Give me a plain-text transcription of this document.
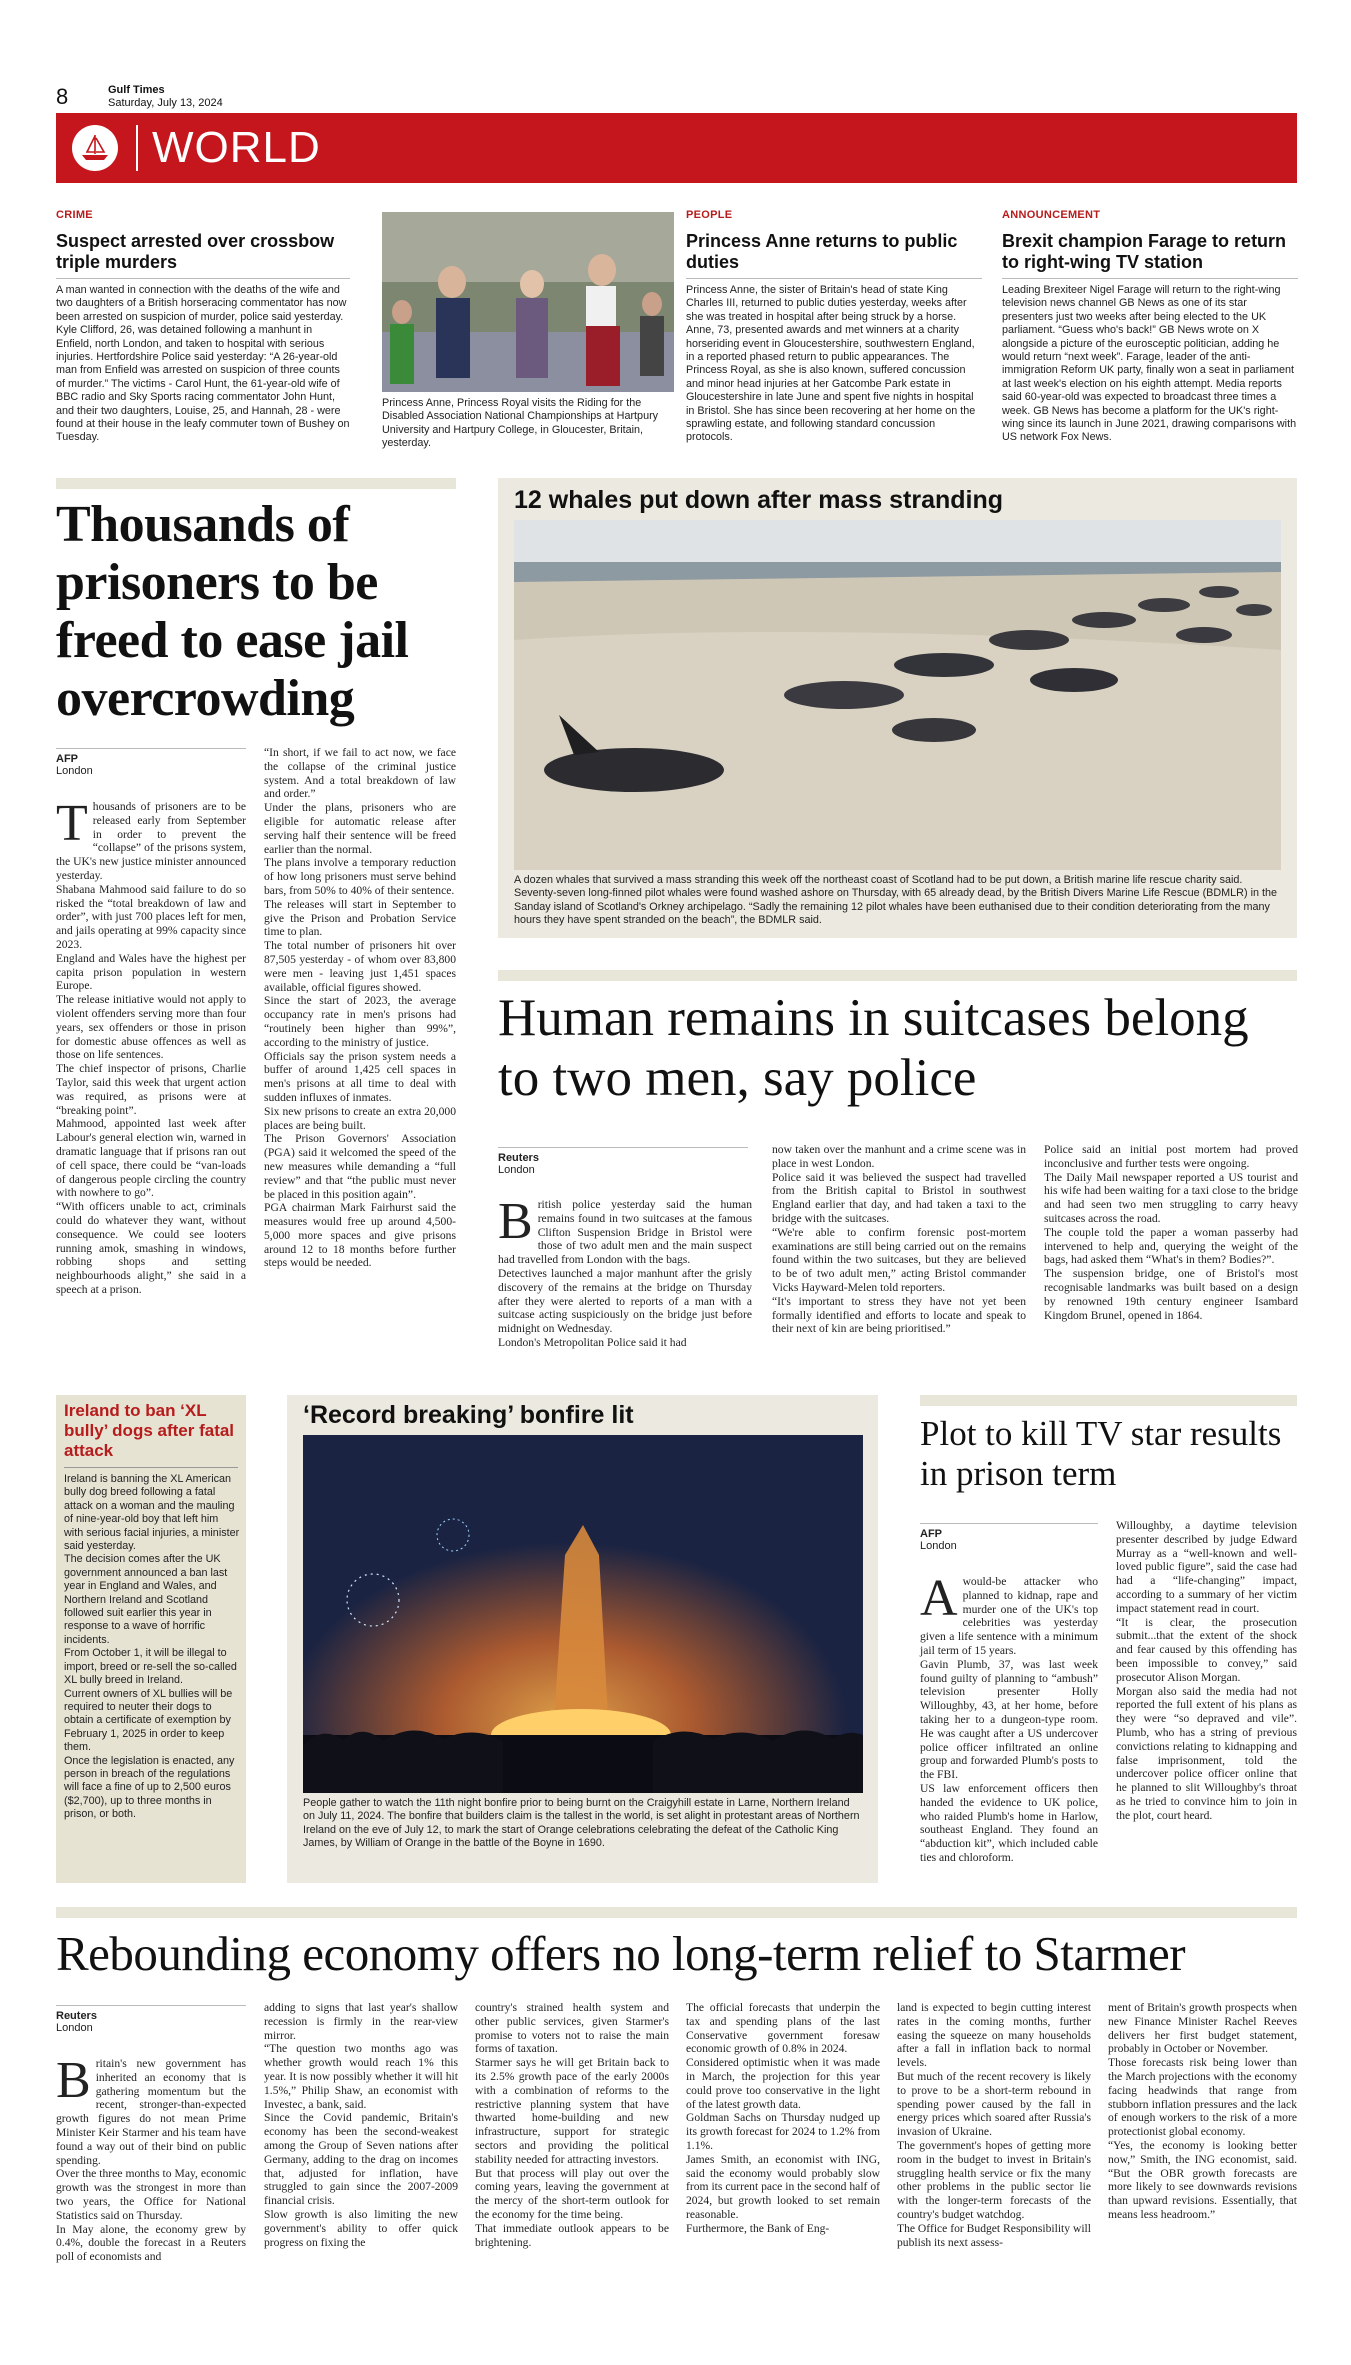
8	Gulf Times
Saturday, July 13, 2024
WORLD
CRIME
Suspect arrested over crossbow triple murders
A man wanted in connection with the deaths of the wife and two daughters of a British horseracing commentator has now been arrested on suspicion of murder, police said yesterday. Kyle Clifford, 26, was detained following a manhunt in Enfield, north London, and taken to hospital with serious injuries. Hertfordshire Police said yesterday: “A 26-year-old man from Enfield was arrested on suspicion of three counts of murder.” The victims - Carol Hunt, the 61-year-old wife of BBC radio and Sky Sports racing commentator John Hunt, and their two daughters, Louise, 25, and Hannah, 28 - were found at their house in the leafy commuter town of Bushey on Tuesday.
Princess Anne, Princess Royal visits the Riding for the Disabled Association National Championships at Hartpury University and Hartpury College, in Gloucester, Britain, yesterday.
PEOPLE
Princess Anne returns to public duties
Princess Anne, the sister of Britain's head of state King Charles III, returned to public duties yesterday, weeks after she was treated in hospital after being struck by a horse. Anne, 73, presented awards and met winners at a charity horseriding event in Gloucestershire, southwestern England, in a reported phased return to public appearances. The Princess Royal, as she is also known, suffered concussion and minor head injuries at her Gatcombe Park estate in Gloucestershire in late June and spent five nights in hospital in Bristol. She has since been recovering at her home on the sprawling estate, and following standard concussion protocols.
ANNOUNCEMENT
Brexit champion Farage to return to right-wing TV station
Leading Brexiteer Nigel Farage will return to the right-wing television news channel GB News as one of its star presenters just two weeks after being elected to the UK parliament. “Guess who's back!” GB News wrote on X alongside a picture of the eurosceptic politician, adding he would return “next week”. Farage, leader of the anti-immigration Reform UK party, finally won a seat in parliament at last week's election on his eighth attempt. Media reports said 60-year-old was expected to broadcast three times a week. GB News has become a platform for the UK's right-wing since its launch in June 2021, drawing comparisons with US network Fox News.
Thousands of prisoners to be freed to ease jail overcrowding
AFP
London
T housands of prisoners are to be released early from September in order to prevent the “collapse” of the prisons system, the UK's new justice minister announced yesterday.

Shabana Mahmood said failure to do so risked the “total breakdown of law and order”, with just 700 places left for men, and jails operating at 99% capacity since 2023.

England and Wales have the highest per capita prison population in western Europe.

The release initiative would not apply to violent offenders serving more than four years, sex offenders or those in prison for domestic abuse offences as well as those on life sentences.

The chief inspector of prisons, Charlie Taylor, said this week that urgent action was required, as prisons were at “breaking point”.

Mahmood, appointed last week after Labour's general election win, warned in dramatic language that if prisons ran out of cell space, there could be “van-loads of dangerous people circling the country with nowhere to go”.

“With officers unable to act, criminals could do whatever they want, without consequence. We could see looters running amok, smashing in windows, robbing shops and setting neighbourhoods alight,” she said in a speech at a prison.

“In short, if we fail to act now, we face the collapse of the criminal justice system. And a total breakdown of law and order.”

Under the plans, prisoners who are eligible for automatic release after serving half their sentence will be freed earlier than the normal.

The plans involve a temporary reduction of how long prisoners must serve behind bars, from 50% to 40% of their sentence.

The releases will start in September to give the Prison and Probation Service time to plan.

The total number of prisoners hit over 87,505 yesterday - of whom over 83,800 were men - leaving just 1,451 spaces available, official figures showed.

Since the start of 2023, the average occupancy rate in men's prisons had “routinely been higher than 99%”, according to the ministry of justice.

Officials say the prison system needs a buffer of around 1,425 cell spaces in men's prisons at all time to deal with sudden influxes of inmates.

Six new prisons to create an extra 20,000 places are being built.

The Prison Governors' Association (PGA) said it welcomed the speed of the new measures while demanding a “full review” and that “the public must never be placed in this position again”.

PGA chairman Mark Fairhurst said the measures would free up around 4,500-5,000 more spaces and give prisons around 12 to 18 months before further steps would be needed.

12 whales put down after mass stranding
A dozen whales that survived a mass stranding this week off the northeast coast of Scotland had to be put down, a British marine life rescue charity said. Seventy-seven long-finned pilot whales were found washed ashore on Thursday, with 65 already dead, by the British Divers Marine Life Rescue (BDMLR) in the Sanday island of Scotland's Orkney archipelago. “Sadly the remaining 12 pilot whales have been euthanised due to their condition deteriorating from the many hours they have spent stranded on the beach”, the BDMLR said.
Human remains in suitcases belong to two men, say police
Reuters
London
B ritish police yesterday said the human remains found in two suitcases at the famous Clifton Suspension Bridge in Bristol were those of two adult men and the main suspect had travelled from London with the bags.

Detectives launched a major manhunt after the grisly discovery of the remains at the bridge on Thursday after they were alerted to reports of a man with a suitcase acting suspiciously on the bridge just before midnight on Wednesday.

London's Metropolitan Police said it had

now taken over the manhunt and a crime scene was in place in west London.

Police said it was believed the suspect had travelled from the British capital to Bristol in southwest England earlier that day, and had taken a taxi to the bridge with the suitcases.

“We're able to confirm forensic post-mortem examinations are still being carried out on the remains found within the two suitcases, but they are believed to be of two adult men,” acting Bristol commander Vicks Hayward-Melen told reporters.

“It's important to stress they have not yet been formally identified and efforts to locate and speak to their next of kin are being prioritised.”

Police said an initial post mortem had proved inconclusive and further tests were ongoing.

The Daily Mail newspaper reported a US tourist and his wife had been waiting for a taxi close to the bridge and had seen two men struggling to carry heavy suitcases across the road.

The couple told the paper a woman passerby had intervened to help and, querying the weight of the bags, had asked them “What's in them? Bodies?”.

The suspension bridge, one of Bristol's most recognisable landmarks was built based on a design by renowned 19th century engineer Isambard Kingdom Brunel, opened in 1864.

Ireland to ban ‘XL bully’ dogs after fatal attack

Ireland is banning the XL American bully dog breed following a fatal attack on a woman and the mauling of nine-year-old boy that left him with serious facial injuries, a minister said yesterday.

The decision comes after the UK government announced a ban last year in England and Wales, and Northern Ireland and Scotland followed suit earlier this year in response to a wave of horrific incidents.

From October 1, it will be illegal to import, breed or re-sell the so-called XL bully breed in Ireland.

Current owners of XL bullies will be required to neuter their dogs to obtain a certificate of exemption by February 1, 2025 in order to keep them.

Once the legislation is enacted, any person in breach of the regulations will face a fine of up to 2,500 euros ($2,700), up to three months in prison, or both.

‘Record breaking’ bonfire lit
People gather to watch the 11th night bonfire prior to being burnt on the Craigyhill estate in Larne, Northern Ireland on July 11, 2024. The bonfire that builders claim is the tallest in the world, is set alight in protestant areas of Northern Ireland on the eve of July 12, to mark the start of Orange celebrations celebrating the defeat of the Catholic King James, by William of Orange in the battle of the Boyne in 1690.
Plot to kill TV star results in prison term
AFP
London
A would-be attacker who planned to kidnap, rape and murder one of the UK's top celebrities was yesterday given a life sentence with a minimum jail term of 15 years.

Gavin Plumb, 37, was last week found guilty of planning to “ambush” television presenter Holly Willoughby, 43, at her home, before taking her to a dungeon-type room. He was caught after a US undercover police officer infiltrated an online group and forwarded Plumb's posts to the FBI.

US law enforcement officers then handed the evidence to UK police, who raided Plumb's home in Harlow, southeast England. They found an “abduction kit”, which included cable ties and chloroform.

Willoughby, a daytime television presenter described by judge Edward Murray as a “well-known and well-loved public figure”, said the case had had a “life-changing” impact, according to a summary of her victim impact statement read in court.

“It is clear, the prosecution submit...that the extent of the shock and fear caused by this offending has been impossible to convey,” said prosecutor Alison Morgan.

Morgan also said the media had not reported the full extent of his plans as they were “so depraved and vile”. Plumb, who has a string of previous convictions relating to kidnapping and false imprisonment, told the undercover police officer online that he planned to slit Willoughby's throat as he tried to convince him to join in the plot, court heard.

Rebounding economy offers no long-term relief to Starmer
Reuters
London
B ritain's new government has inherited an economy that is gathering momentum but the recent, stronger-than-expected growth figures do not mean Prime Minister Keir Starmer and his team have found a way out of their bind on public spending.

Over the three months to May, economic growth was the strongest in more than two years, the Office for National Statistics said on Thursday.

In May alone, the economy grew by 0.4%, double the forecast in a Reuters poll of economists and

adding to signs that last year's shallow recession is firmly in the rear-view mirror.

“The question two months ago was whether growth would reach 1% this year. It is now possibly whether it will hit 1.5%,” Philip Shaw, an economist with Investec, a bank, said.

Since the Covid pandemic, Britain's economy has been the second-weakest among the Group of Seven nations after Germany, adding to the drag on incomes that, adjusted for inflation, have struggled to gain since the 2007-2009 financial crisis.

Slow growth is also limiting the new government's ability to offer quick progress on fixing the

country's strained health system and other public services, given Starmer's promise to voters not to raise the main forms of taxation.

Starmer says he will get Britain back to its 2.5% growth pace of the early 2000s with a combination of reforms to the restrictive planning system that have thwarted home-building and new infrastructure, support for strategic sectors and providing the political stability needed for attracting investors.

But that process will play out over the coming years, leaving the government at the mercy of the short-term outlook for the economy for the time being.

That immediate outlook appears to be brightening.

The official forecasts that underpin the tax and spending plans of the last Conservative government foresaw economic growth of 0.8% in 2024.

Considered optimistic when it was made in March, the projection for this year could prove too conservative in the light of the latest growth data.

Goldman Sachs on Thursday nudged up its growth forecast for 2024 to 1.2% from 1.1%.

James Smith, an economist with ING, said the economy would probably slow from its current pace in the second half of 2024, but growth looked to set remain reasonable.

Furthermore, the Bank of Eng-

land is expected to begin cutting interest rates in the coming months, further easing the squeeze on many households after a fall in inflation back to normal levels.

But much of the recent recovery is likely to prove to be a short-term rebound in spending power caused by the fall in energy prices which soared after Russia's invasion of Ukraine.

The government's hopes of getting more room in the budget to invest in Britain's struggling health service or fix the many other problems in the public sector lie with the longer-term forecasts of the country's budget watchdog.

The Office for Budget Responsibility will publish its next assess-

ment of Britain's growth prospects when new Finance Minister Rachel Reeves delivers her first budget statement, probably in October or November.

Those forecasts risk being lower than the March projections with the economy facing headwinds that range from stubborn inflation pressures and the lack of enough workers to the risk of a more protectionist global economy.

“Yes, the economy is looking better now,” Smith, the ING economist, said. “But the OBR growth forecasts are more likely to see downwards revisions than upward revisions. Essentially, that means less headroom.”
